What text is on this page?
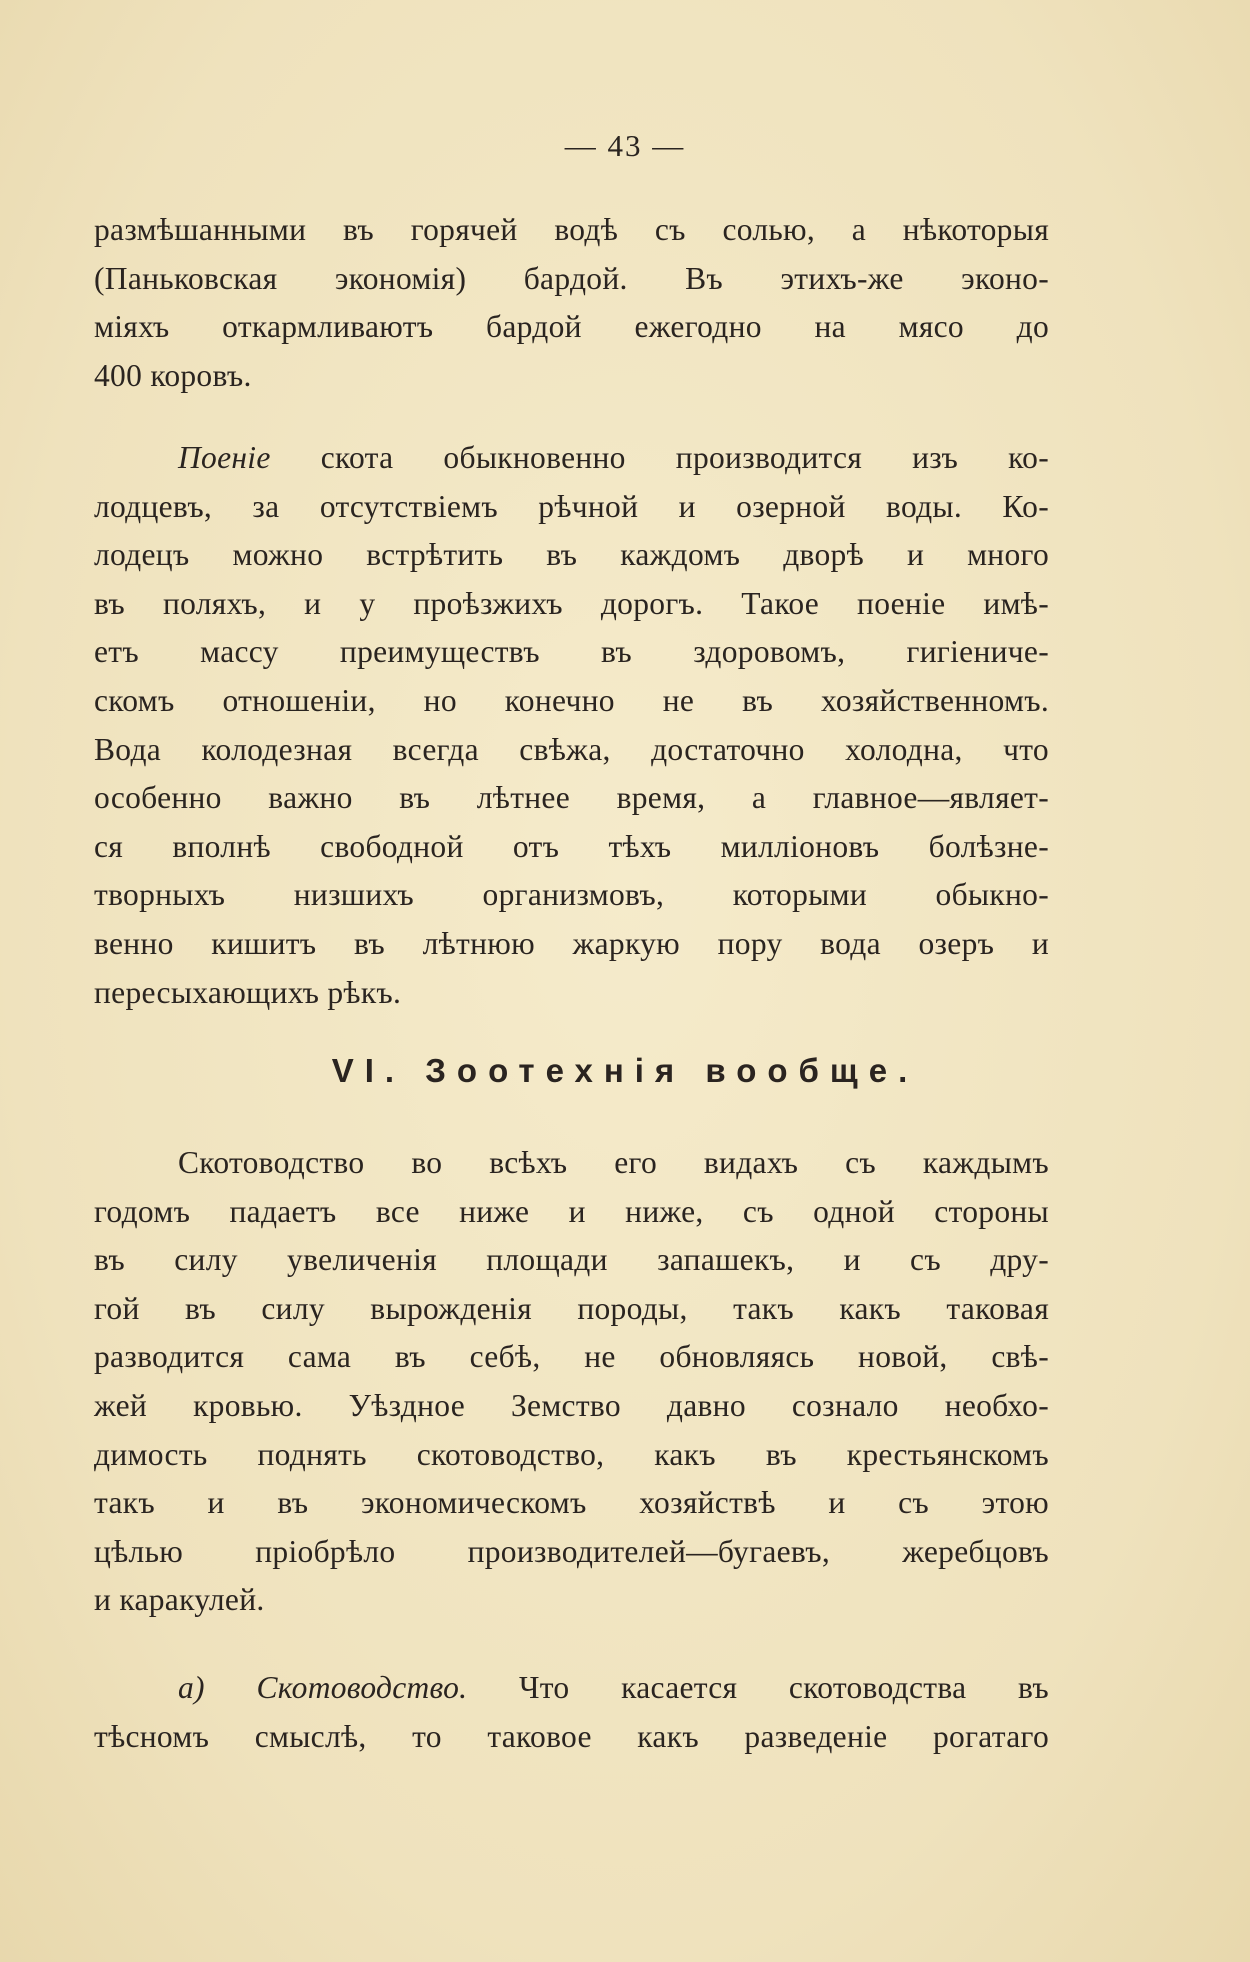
— 43 —
размѣшанными въ горячей водѣ съ солью, а нѣкоторыя
(Паньковская экономія) бардой. Въ этихъ-же эконо-
міяхъ откармливаютъ бардой ежегодно на мясо до
400 коровъ.
Поеніе скота обыкновенно производится изъ ко-
лодцевъ, за отсутствіемъ рѣчной и озерной воды. Ко-
лодецъ можно встрѣтить въ каждомъ дворѣ и много
въ поляхъ, и у проѣзжихъ дорогъ. Такое поеніе имѣ-
етъ массу преимуществъ въ здоровомъ, гигіениче-
скомъ отношеніи, но конечно не въ хозяйственномъ.
Вода колодезная всегда свѣжа, достаточно холодна, что
особенно важно въ лѣтнее время, а главное—являет-
ся вполнѣ свободной отъ тѣхъ милліоновъ болѣзне-
творныхъ низшихъ организмовъ, которыми обыкно-
венно кишитъ въ лѣтнюю жаркую пору вода озеръ и
пересыхающихъ рѣкъ.
VI. Зоотехнія вообще.
Скотоводство во всѣхъ его видахъ съ каждымъ
годомъ падаетъ все ниже и ниже, съ одной стороны
въ силу увеличенія площади запашекъ, и съ дру-
гой въ силу вырожденія породы, такъ какъ таковая
разводится сама въ себѣ, не обновляясь новой, свѣ-
жей кровью. Уѣздное Земство давно сознало необхо-
димость поднять скотоводство, какъ въ крестьянскомъ
такъ и въ экономическомъ хозяйствѣ и съ этою
цѣлью пріобрѣло производителей—бугаевъ, жеребцовъ
и каракулей.
а) Скотоводство. Что касается скотоводства въ
тѣсномъ смыслѣ, то таковое какъ разведеніе рогатаго
